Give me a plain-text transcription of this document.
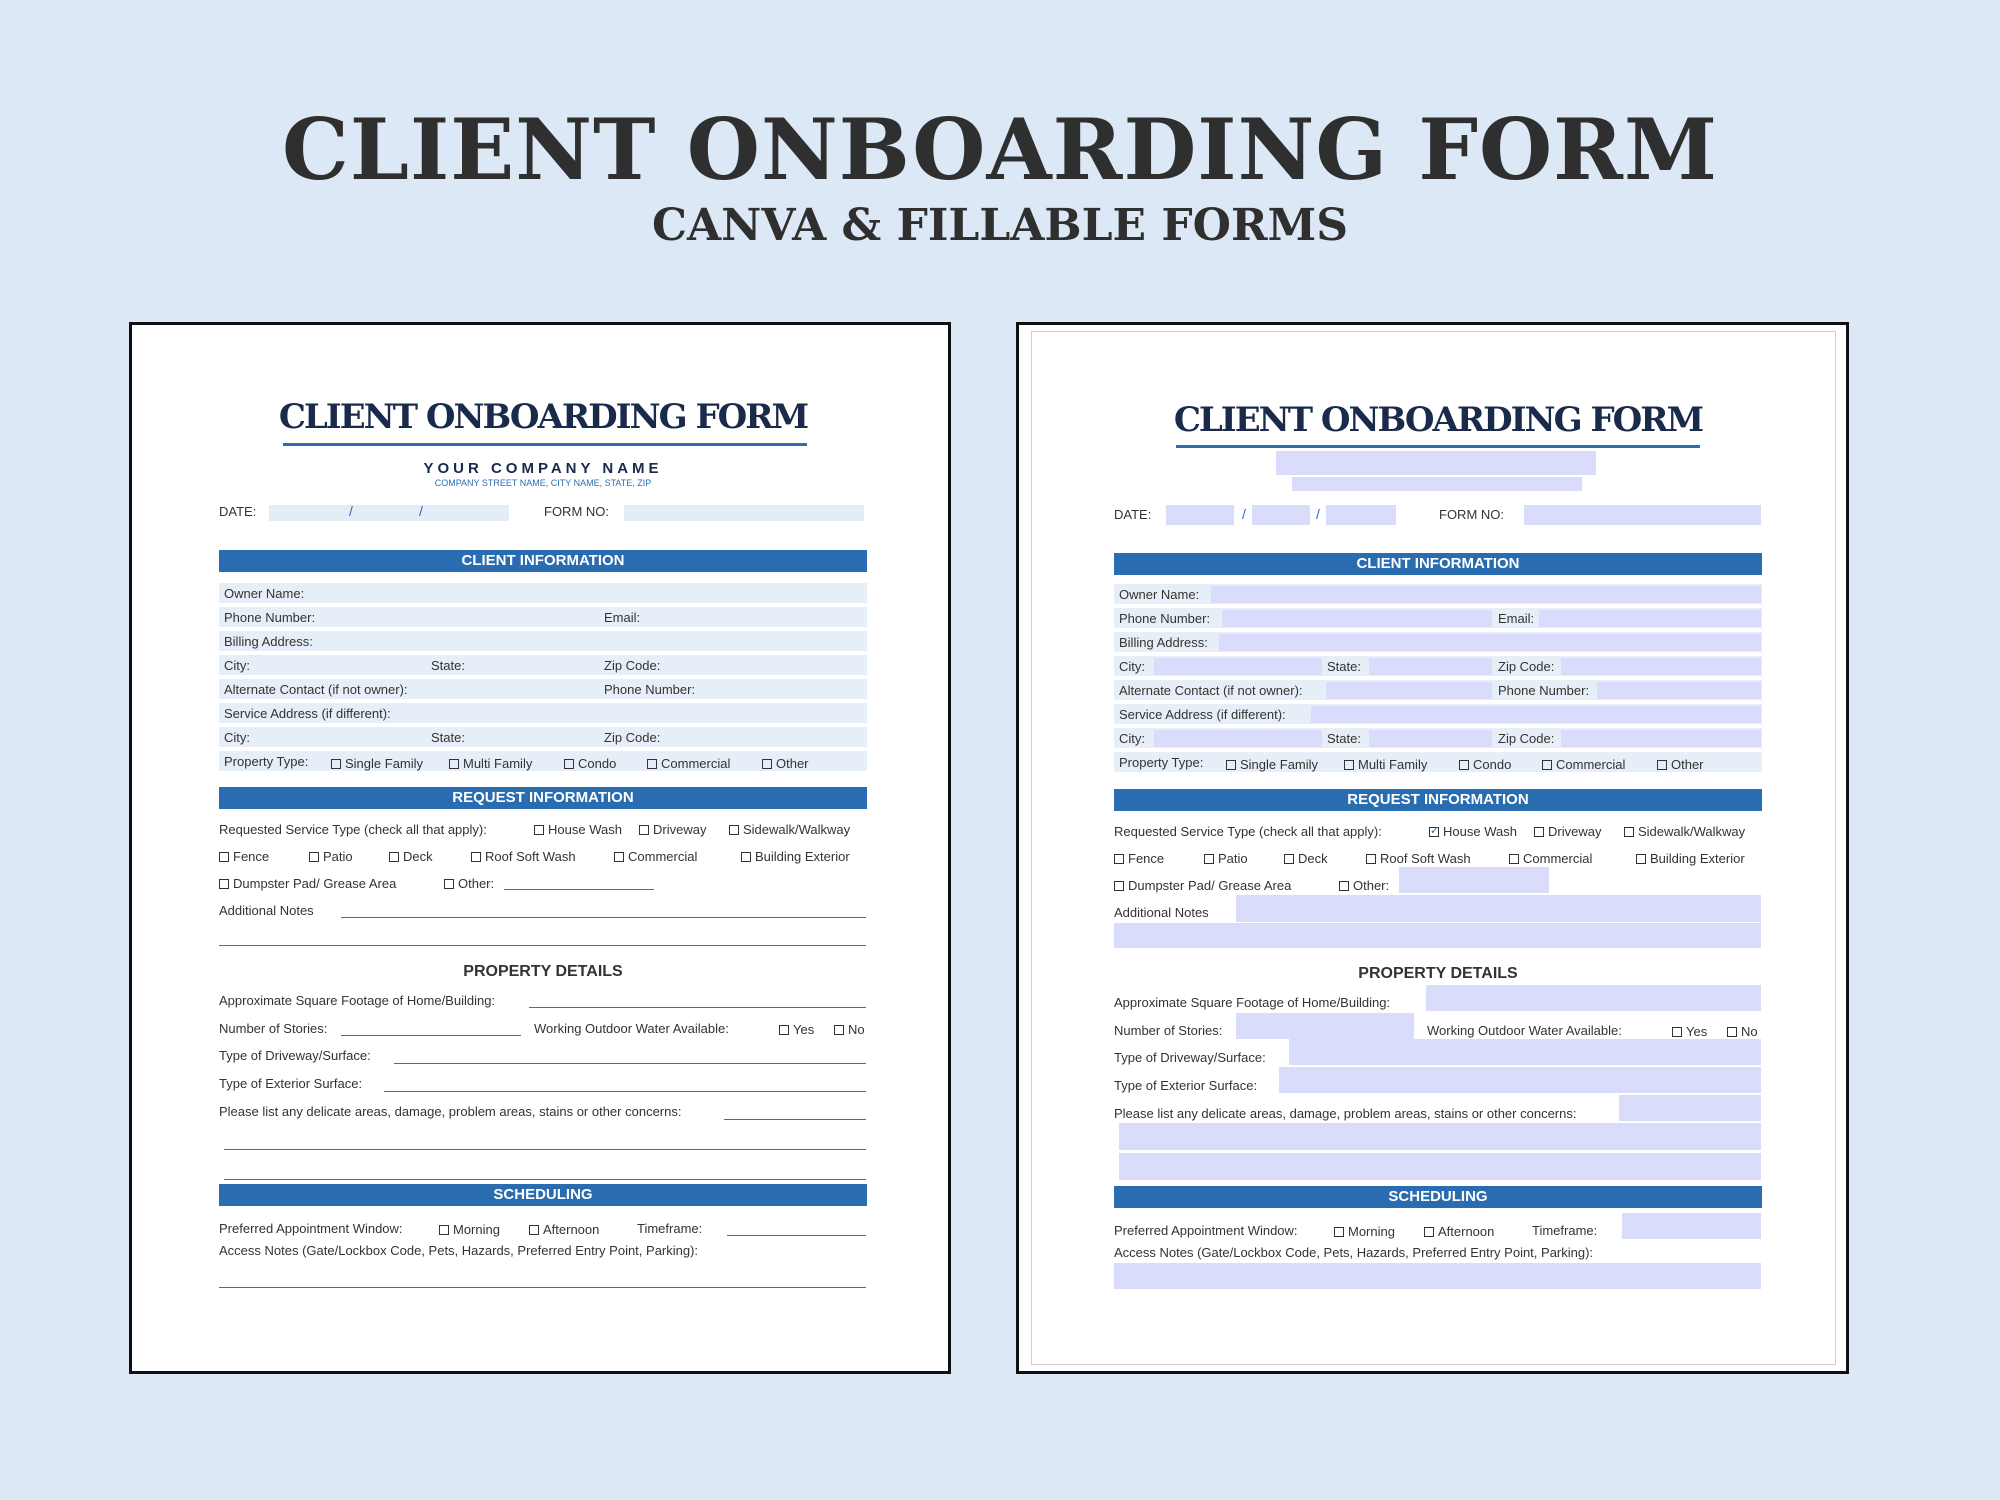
CLIENT ONBOARDING FORM
CANVA & FILLABLE FORMS
CLIENT ONBOARDING FORM
YOUR COMPANY NAME
COMPANY STREET NAME, CITY NAME, STATE, ZIP
DATE:	/	/	FORM NO:
CLIENT INFORMATION
Owner Name:
Phone Number:	Email:
Billing Address:
City:	State:	Zip Code:
Alternate Contact (if not owner):	Phone Number:
Service Address (if different):
City:	State:	Zip Code:
Property Type:	Single Family	Multi Family	Condo	Commercial	Other
REQUEST INFORMATION
Requested Service Type (check all that apply):	House Wash	Driveway	Sidewalk/Walkway
Fence	Patio	Deck	Roof Soft Wash	Commercial	Building Exterior
Dumpster Pad/ Grease Area	Other:
Additional Notes
PROPERTY DETAILS
Approximate Square Footage of Home/Building:
Number of Stories:	Working Outdoor Water Available:	Yes	No
Type of Driveway/Surface:
Type of Exterior Surface:
Please list any delicate areas, damage, problem areas, stains or other concerns:
SCHEDULING
Preferred Appointment Window:	Morning	Afternoon	Timeframe:
Access Notes (Gate/Lockbox Code, Pets, Hazards, Preferred Entry Point, Parking):
CLIENT ONBOARDING FORM
DATE:	/	/	FORM NO:
CLIENT INFORMATION
Owner Name:
Phone Number:	Email:
Billing Address:
City:	State:	Zip Code:
Alternate Contact (if not owner):	Phone Number:
Service Address (if different):
City:	State:	Zip Code:
Property Type:	Single Family	Multi Family	Condo	Commercial	Other
REQUEST INFORMATION
Requested Service Type (check all that apply):
✓	House Wash	Driveway	Sidewalk/Walkway
Fence	Patio	Deck	Roof Soft Wash	Commercial	Building Exterior
Dumpster Pad/ Grease Area	Other:
Additional Notes
PROPERTY DETAILS
Approximate Square Footage of Home/Building:
Number of Stories:	Working Outdoor Water Available:	Yes	No
Type of Driveway/Surface:
Type of Exterior Surface:
Please list any delicate areas, damage, problem areas, stains or other concerns:
SCHEDULING
Preferred Appointment Window:	Morning	Afternoon	Timeframe:
Access Notes (Gate/Lockbox Code, Pets, Hazards, Preferred Entry Point, Parking):
